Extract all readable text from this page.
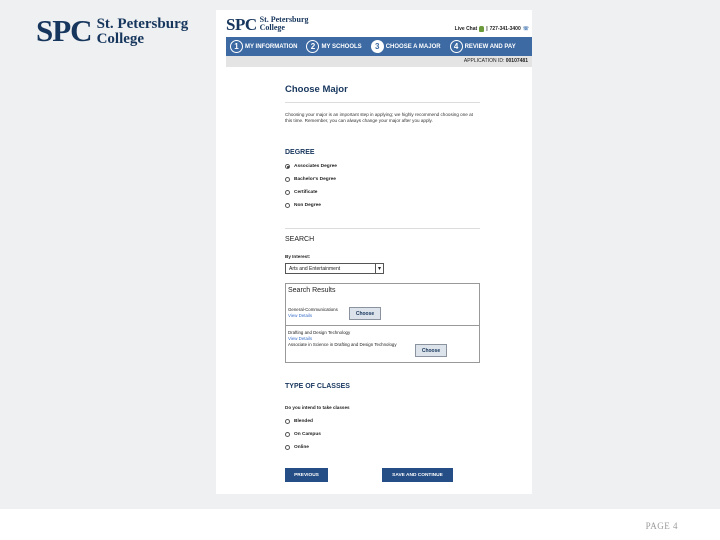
SPC St. Petersburg
College
PAGE 4
SPC St. Petersburg
College	Live Chat | 727-341-3400 ☏
1	MY INFORMATION	2	MY SCHOOLS	3	CHOOSE A MAJOR	4	REVIEW AND PAY
APPLICATION ID: 00107481
Choose Major
Choosing your major is an important step in applying; we highly recommend choosing one at this time. Remember, you can always change your major after you apply.
DEGREE
Associates Degree
Bachelor's Degree
Certificate
Non Degree
SEARCH
By Interest:
Arts and Entertainment	▾
Search Results
General-Communications
View Details	Choose
Drafting and Design Technology
View Details
Associate in Science in Drafting and Design Technology
Choose
TYPE OF CLASSES
Do you intend to take classes
Blended
On Campus
Online
PREVIOUS	SAVE AND CONTINUE
